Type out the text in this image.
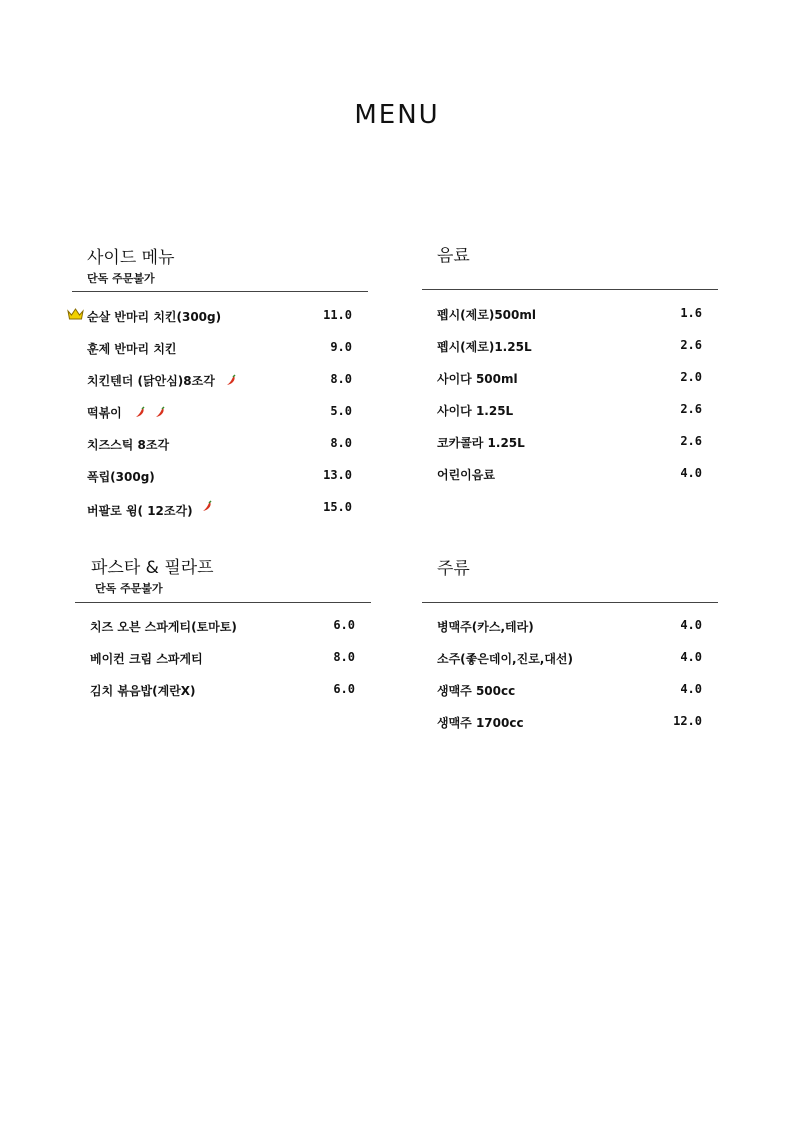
MENU
사이드 메뉴
단독 주문불가
순살 반마리 치킨(300g)	11.0
훈제 반마리 치킨	9.0
치킨텐더 (닭안심)8조각	8.0
떡볶이	5.0
치즈스틱 8조각	8.0
폭립(300g)	13.0
버팔로 윙( 12조각)	15.0
음료
펩시(제로)500ml	1.6
펩시(제로)1.25L	2.6
사이다 500ml	2.0
사이다 1.25L	2.6
코카콜라 1.25L	2.6
어린이음료	4.0
파스타 & 필라프
단독 주문불가
치즈 오븐 스파게티(토마토)	6.0
베이컨 크림 스파게티	8.0
김치 볶음밥(계란X)	6.0
주류
병맥주(카스,테라)	4.0
소주(좋은데이,진로,대선)	4.0
생맥주 500cc	4.0
생맥주 1700cc	12.0
